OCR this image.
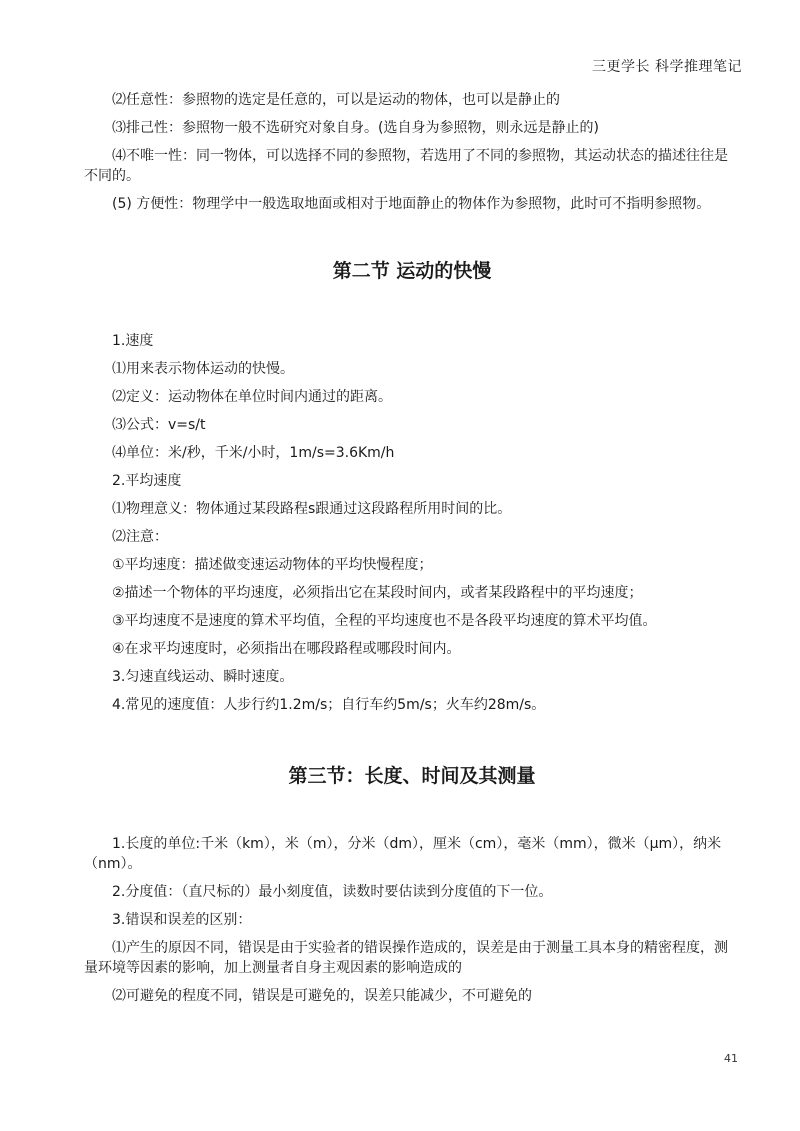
三更学长 科学推理笔记

⑵任意性：参照物的选定是任意的，可以是运动的物体，也可以是静止的

⑶排己性：参照物一般不选研究对象自身。(选自身为参照物，则永远是静止的)

⑷不唯一性：同一物体，可以选择不同的参照物，若选用了不同的参照物，其运动状态的描述往往是不同的。

(5) 方便性：物理学中一般选取地面或相对于地面静止的物体作为参照物，此时可不指明参照物。

第二节 运动的快慢

1.速度

⑴用来表示物体运动的快慢。

⑵定义：运动物体在单位时间内通过的距离。

⑶公式：v=s/t

⑷单位：米/秒，千米/小时，1m/s=3.6Km/h

2.平均速度

⑴物理意义：物体通过某段路程s跟通过这段路程所用时间的比。

⑵注意：

①平均速度：描述做变速运动物体的平均快慢程度；

②描述一个物体的平均速度，必须指出它在某段时间内，或者某段路程中的平均速度；

③平均速度不是速度的算术平均值，全程的平均速度也不是各段平均速度的算术平均值。

④在求平均速度时，必须指出在哪段路程或哪段时间内。

3.匀速直线运动、瞬时速度。

4.常见的速度值：人步行约1.2m/s；自行车约5m/s；火车约28m/s。

第三节：长度、时间及其测量

1.长度的单位:千米（km），米（m），分米（dm），厘米（cm），毫米（mm），微米（μm），纳米（nm）。

2.分度值：（直尺标的）最小刻度值，读数时要估读到分度值的下一位。

3.错误和误差的区别：

⑴产生的原因不同，错误是由于实验者的错误操作造成的，误差是由于测量工具本身的精密程度，测量环境等因素的影响，加上测量者自身主观因素的影响造成的

⑵可避免的程度不同，错误是可避免的，误差只能减少，不可避免的

41
